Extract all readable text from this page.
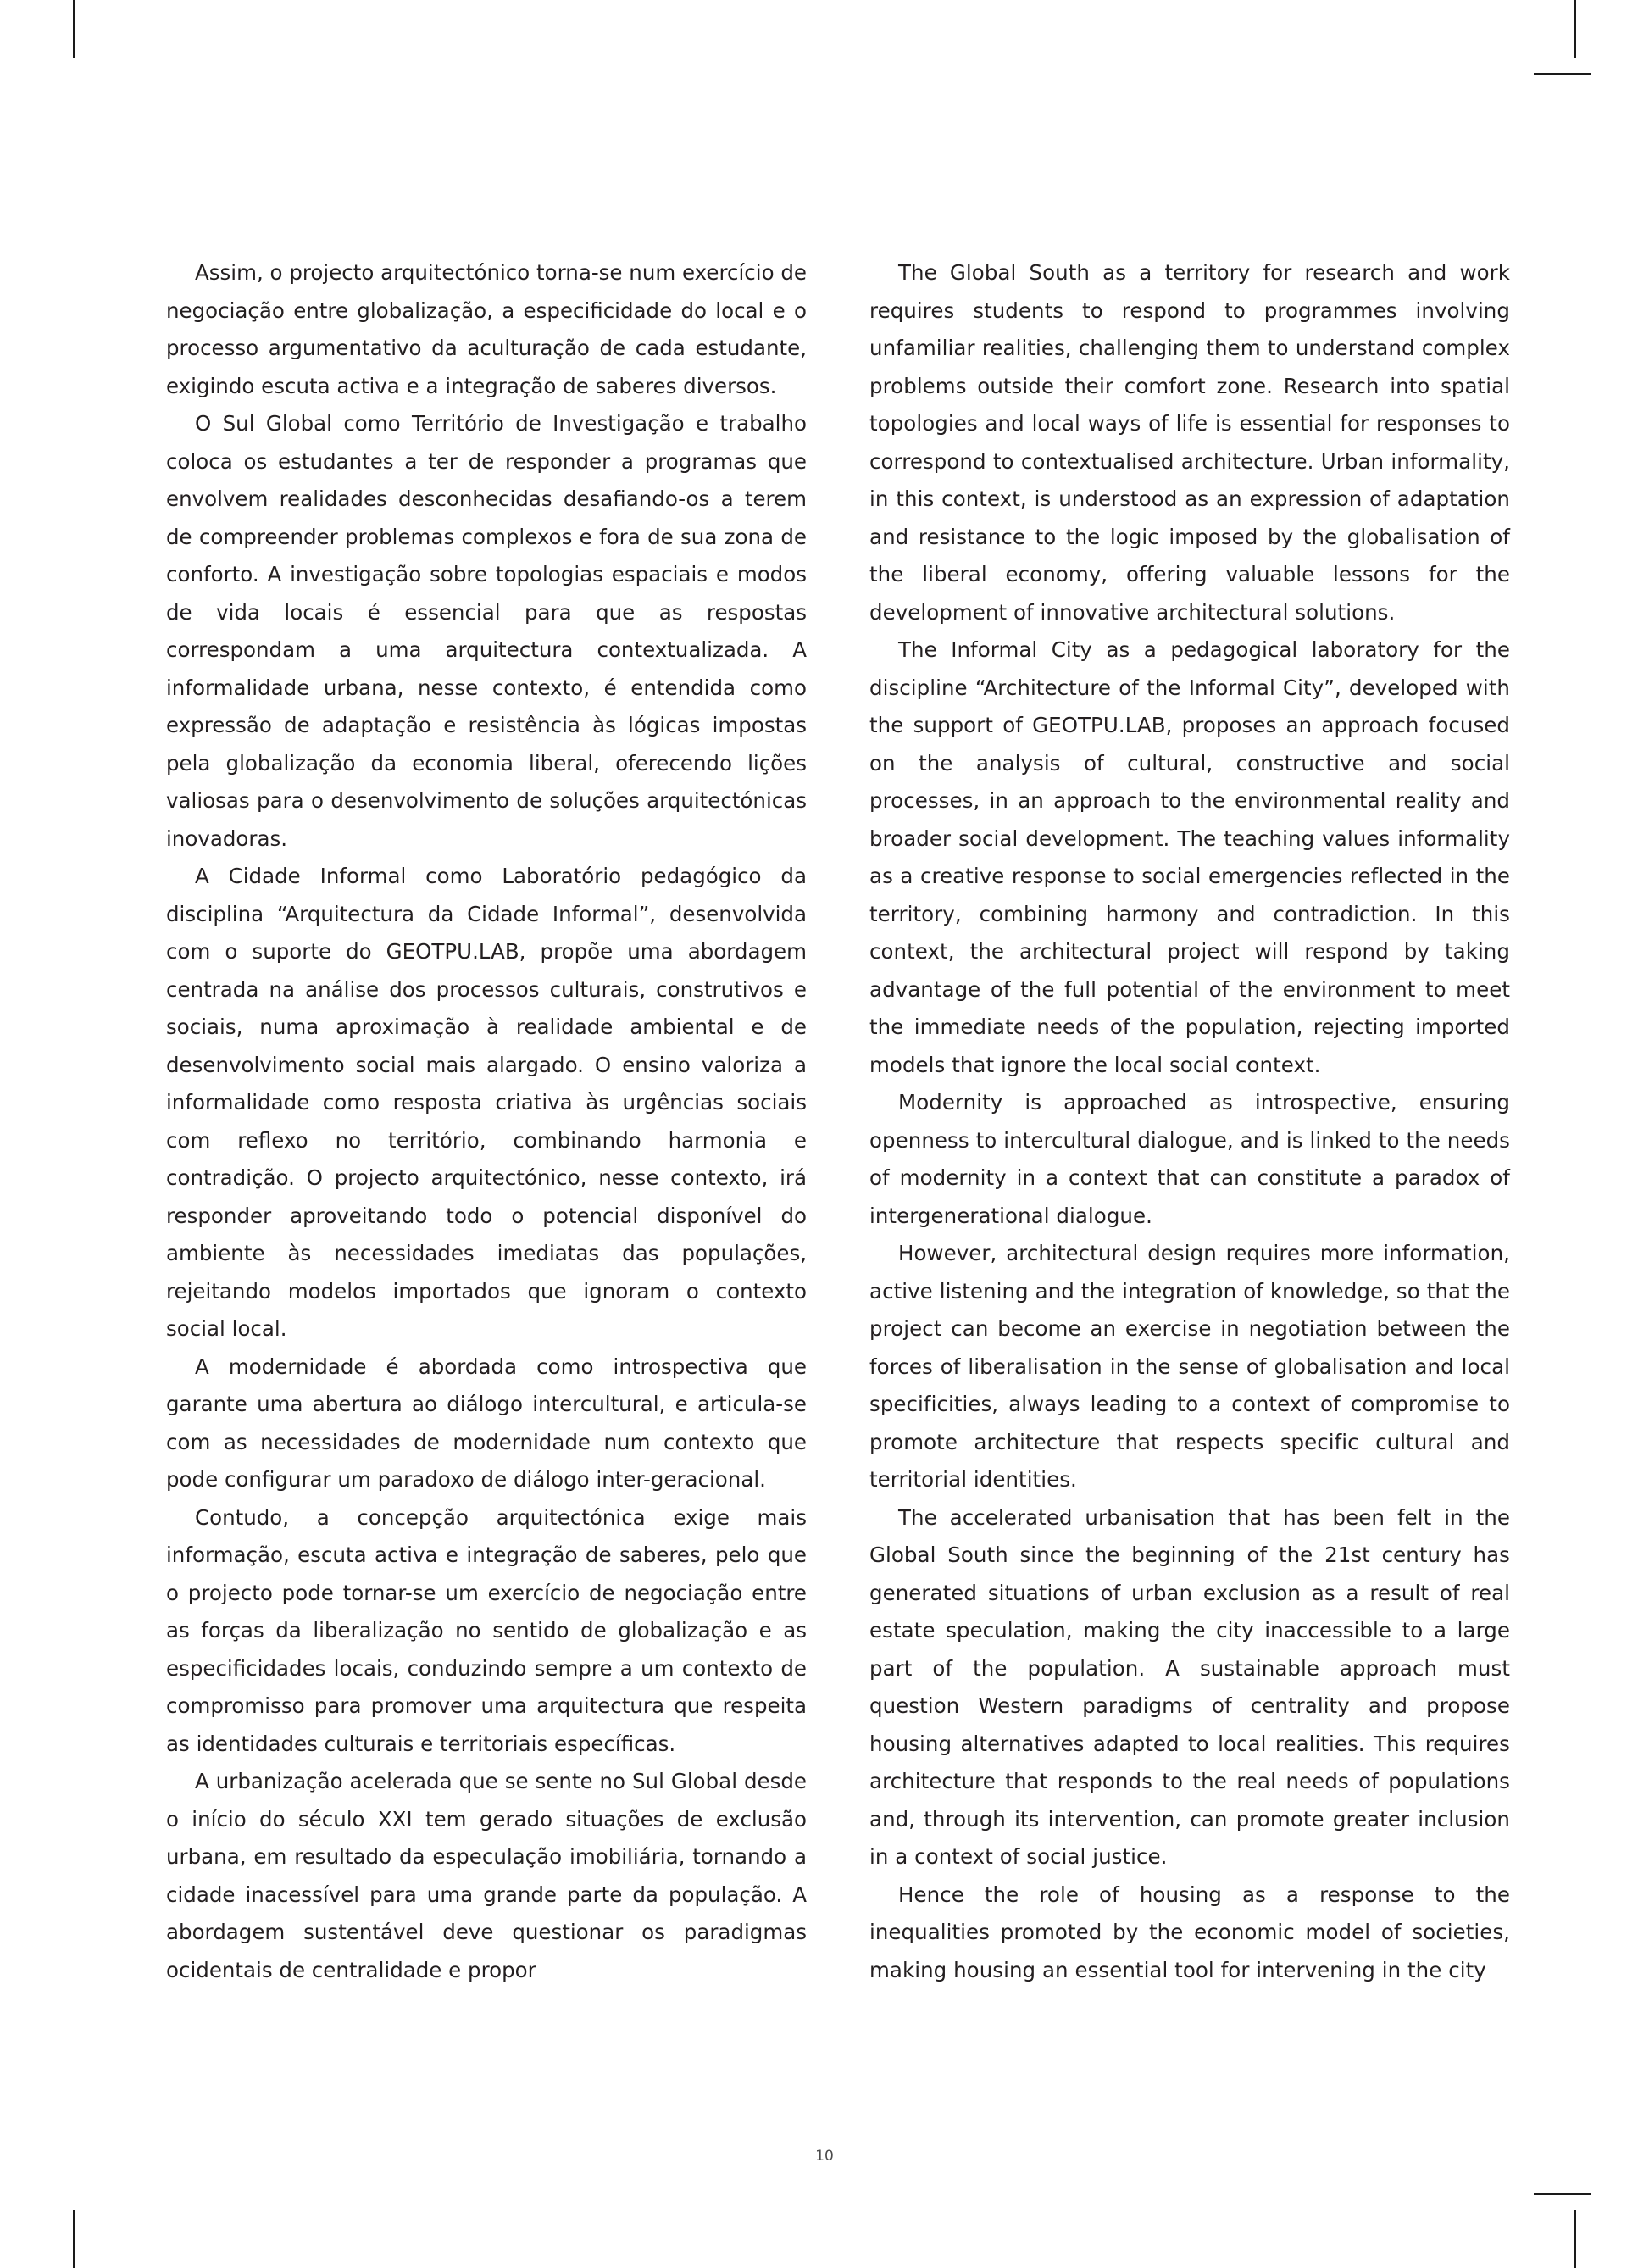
Assim, o projecto arquitectónico torna-se num exercício de negociação entre globalização, a especificidade do local e o processo argumentativo da aculturação de cada estudante, exigindo escuta activa e a integração de saberes diversos.

O Sul Global como Território de Investigação e trabalho coloca os estudantes a ter de responder a programas que envolvem realidades desconhecidas desafiando-os a terem de compreender problemas complexos e fora de sua zona de conforto. A investigação sobre topologias espaciais e modos de vida locais é essencial para que as respostas correspondam a uma arquitectura contextualizada. A informalidade urbana, nesse contexto, é entendida como expressão de adaptação e resistência às lógicas impostas pela globalização da economia liberal, oferecendo lições valiosas para o desenvolvimento de soluções arquitectónicas inovadoras.

A Cidade Informal como Laboratório pedagógico da disciplina “Arquitectura da Cidade Informal”, desenvolvida com o suporte do GEOTPU.LAB, propõe uma abordagem centrada na análise dos processos culturais, construtivos e sociais, numa aproximação à realidade ambiental e de desenvolvimento social mais alargado. O ensino valoriza a informalidade como resposta criativa às urgências sociais com reflexo no território, combinando harmonia e contradição. O projecto arquitectónico, nesse contexto, irá responder aproveitando todo o potencial disponível do ambiente às necessidades imediatas das populações, rejeitando modelos importados que ignoram o contexto social local.

A modernidade é abordada como introspectiva que garante uma abertura ao diálogo intercultural, e articula-se com as necessidades de modernidade num contexto que pode configurar um paradoxo de diálogo inter-geracional.

Contudo, a concepção arquitectónica exige mais informação, escuta activa e integração de saberes, pelo que o projecto pode tornar-se um exercício de negociação entre as forças da liberalização no sentido de globalização e as especificidades locais, conduzindo sempre a um contexto de compromisso para promover uma arquitectura que respeita as identidades culturais e territoriais específicas.

A urbanização acelerada que se sente no Sul Global desde o início do século XXI tem gerado situações de exclusão urbana, em resultado da especulação imobiliária, tornando a cidade inacessível para uma grande parte da população. A abordagem sustentável deve questionar os paradigmas ocidentais de centralidade e propor

The Global South as a territory for research and work requires students to respond to programmes involving unfamiliar realities, challenging them to understand complex problems outside their comfort zone. Research into spatial topologies and local ways of life is essential for responses to correspond to contextualised architecture. Urban informality, in this context, is understood as an expression of adaptation and resistance to the logic imposed by the globalisation of the liberal economy, offering valuable lessons for the development of innovative architectural solutions.

The Informal City as a pedagogical laboratory for the discipline “Architecture of the Informal City”, developed with the support of GEOTPU.LAB, proposes an approach focused on the analysis of cultural, constructive and social processes, in an approach to the environmental reality and broader social development. The teaching values informality as a creative response to social emergencies reflected in the territory, combining harmony and contradiction. In this context, the architectural project will respond by taking advantage of the full potential of the environment to meet the immediate needs of the population, rejecting imported models that ignore the local social context.

Modernity is approached as introspective, ensuring openness to intercultural dialogue, and is linked to the needs of modernity in a context that can constitute a paradox of intergenerational dialogue.

However, architectural design requires more information, active listening and the integration of knowledge, so that the project can become an exercise in negotiation between the forces of liberalisation in the sense of globalisation and local specificities, always leading to a context of compromise to promote architecture that respects specific cultural and territorial identities.

The accelerated urbanisation that has been felt in the Global South since the beginning of the 21st century has generated situations of urban exclusion as a result of real estate speculation, making the city inaccessible to a large part of the population. A sustainable approach must question Western paradigms of centrality and propose housing alternatives adapted to local realities. This requires architecture that responds to the real needs of populations and, through its intervention, can promote greater inclusion in a context of social justice.

Hence the role of housing as a response to the inequalities promoted by the economic model of societies, making housing an essential tool for intervening in the city

10
